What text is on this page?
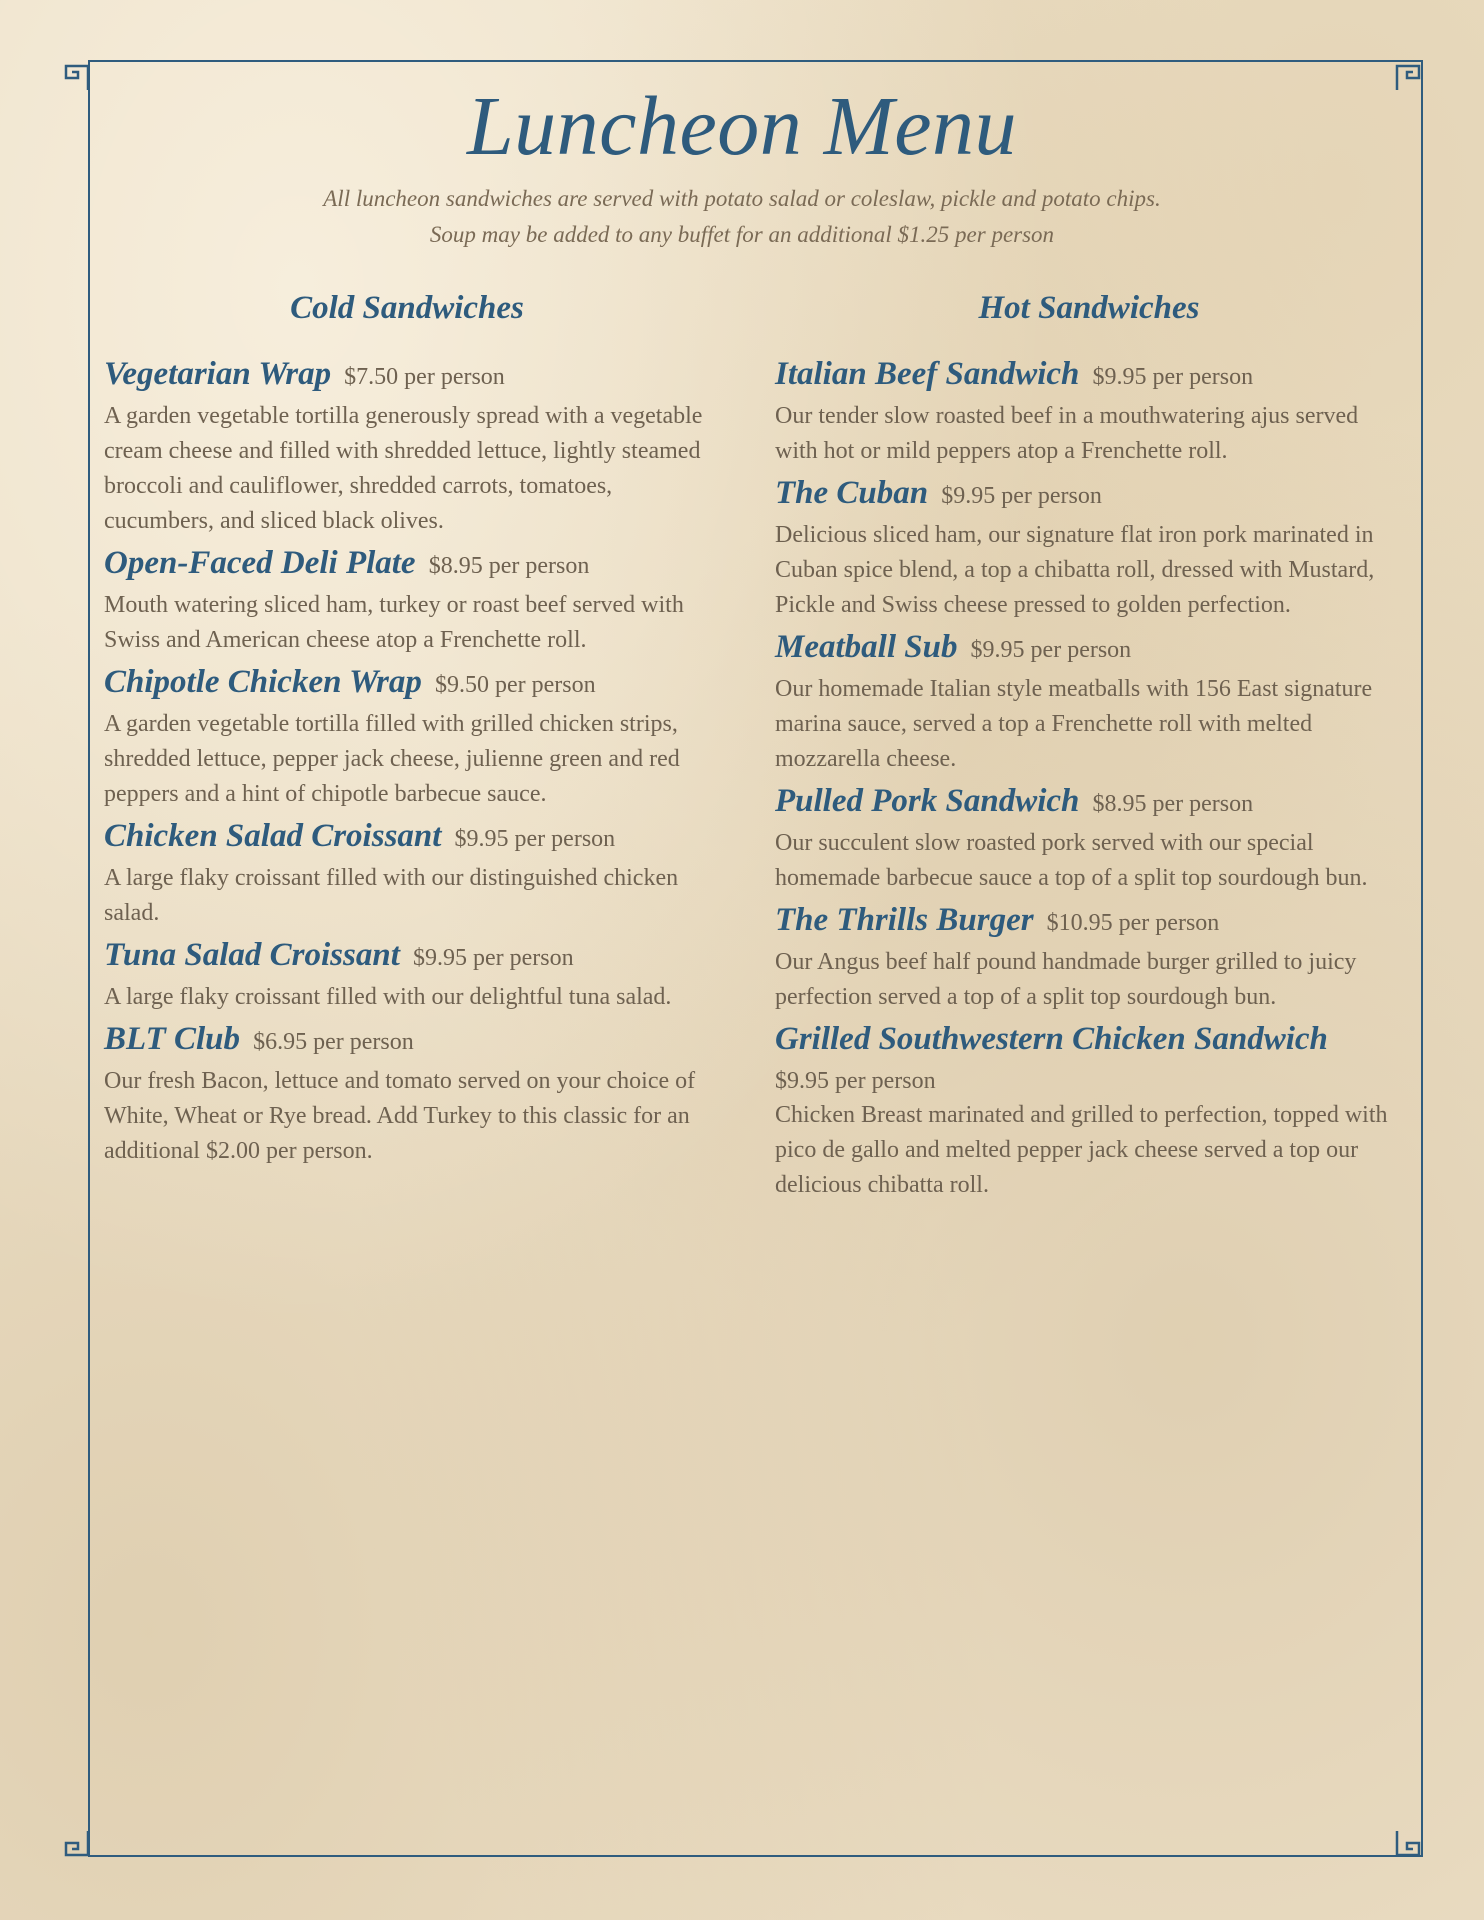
Luncheon Menu
All luncheon sandwiches are served with potato salad or coleslaw, pickle and potato chips.
Soup may be added to any buffet for an additional $1.25 per person
Cold Sandwiches
Vegetarian Wrap $7.50 per person

A garden vegetable tortilla generously spread with a vegetable cream cheese and filled with shredded lettuce, lightly steamed broccoli and cauliflower, shredded carrots, tomatoes, cucumbers, and sliced black olives.

Open-Faced Deli Plate $8.95 per person

Mouth watering sliced ham, turkey or roast beef served with Swiss and American cheese atop a Frenchette roll.

Chipotle Chicken Wrap $9.50 per person

A garden vegetable tortilla filled with grilled chicken strips, shredded lettuce, pepper jack cheese, julienne green and red peppers and a hint of chipotle barbecue sauce.

Chicken Salad Croissant $9.95 per person

A large flaky croissant filled with our distinguished chicken salad.

Tuna Salad Croissant $9.95 per person

A large flaky croissant filled with our delightful tuna salad.

BLT Club $6.95 per person

Our fresh Bacon, lettuce and tomato served on your choice of White, Wheat or Rye bread. Add Turkey to this classic for an additional $2.00 per person.

Hot Sandwiches
Italian Beef Sandwich $9.95 per person

Our tender slow roasted beef in a mouthwatering ajus served with hot or mild peppers atop a Frenchette roll.

The Cuban $9.95 per person

Delicious sliced ham, our signature flat iron pork marinated in Cuban spice blend, a top a chibatta roll, dressed with Mustard, Pickle and Swiss cheese pressed to golden perfection.

Meatball Sub $9.95 per person

Our homemade Italian style meatballs with 156 East signature marina sauce, served a top a Frenchette roll with melted mozzarella cheese.

Pulled Pork Sandwich $8.95 per person

Our succulent slow roasted pork served with our special homemade barbecue sauce a top of a split top sourdough bun.

The Thrills Burger $10.95 per person

Our Angus beef half pound handmade burger grilled to juicy perfection served a top of a split top sourdough bun.

Grilled Southwestern Chicken Sandwich
$9.95 per person

Chicken Breast marinated and grilled to perfection, topped with pico de gallo and melted pepper jack cheese served a top our delicious chibatta roll.
